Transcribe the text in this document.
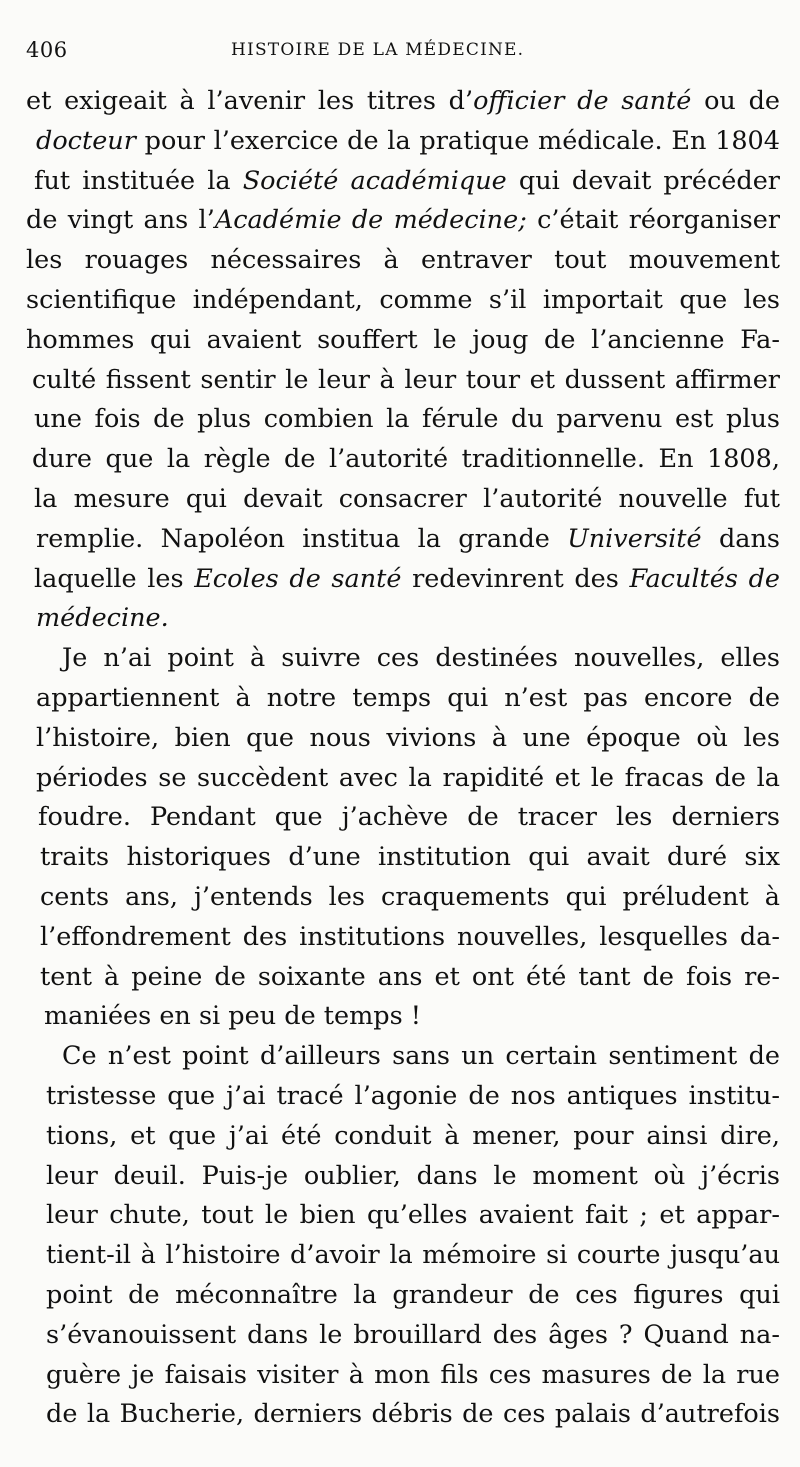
406	HISTOIRE DE LA MÉDECINE.
et exigeait à l’avenir les titres d’officier de santé ou de
docteur pour l’exercice de la pratique médicale. En 1804
fut instituée la Société académique qui devait précéder
de vingt ans l’Académie de médecine; c’était réorganiser
les rouages nécessaires à entraver tout mouvement
scientifique indépendant, comme s’il importait que les
hommes qui avaient souffert le joug de l’ancienne Fa-
culté fissent sentir le leur à leur tour et dussent affirmer
une fois de plus combien la férule du parvenu est plus
dure que la règle de l’autorité traditionnelle. En 1808,
la mesure qui devait consacrer l’autorité nouvelle fut
remplie. Napoléon institua la grande Université dans
laquelle les Ecoles de santé redevinrent des Facultés de
médecine.
Je n’ai point à suivre ces destinées nouvelles, elles
appartiennent à notre temps qui n’est pas encore de
l’histoire, bien que nous vivions à une époque où les
périodes se succèdent avec la rapidité et le fracas de la
foudre. Pendant que j’achève de tracer les derniers
traits historiques d’une institution qui avait duré six
cents ans, j’entends les craquements qui préludent à
l’effondrement des institutions nouvelles, lesquelles da-
tent à peine de soixante ans et ont été tant de fois re-
maniées en si peu de temps !
Ce n’est point d’ailleurs sans un certain sentiment de
tristesse que j’ai tracé l’agonie de nos antiques institu-
tions, et que j’ai été conduit à mener, pour ainsi dire,
leur deuil. Puis-je oublier, dans le moment où j’écris
leur chute, tout le bien qu’elles avaient fait ; et appar-
tient-il à l’histoire d’avoir la mémoire si courte jusqu’au
point de méconnaître la grandeur de ces figures qui
s’évanouissent dans le brouillard des âges ? Quand na-
guère je faisais visiter à mon fils ces masures de la rue
de la Bucherie, derniers débris de ces palais d’autrefois
